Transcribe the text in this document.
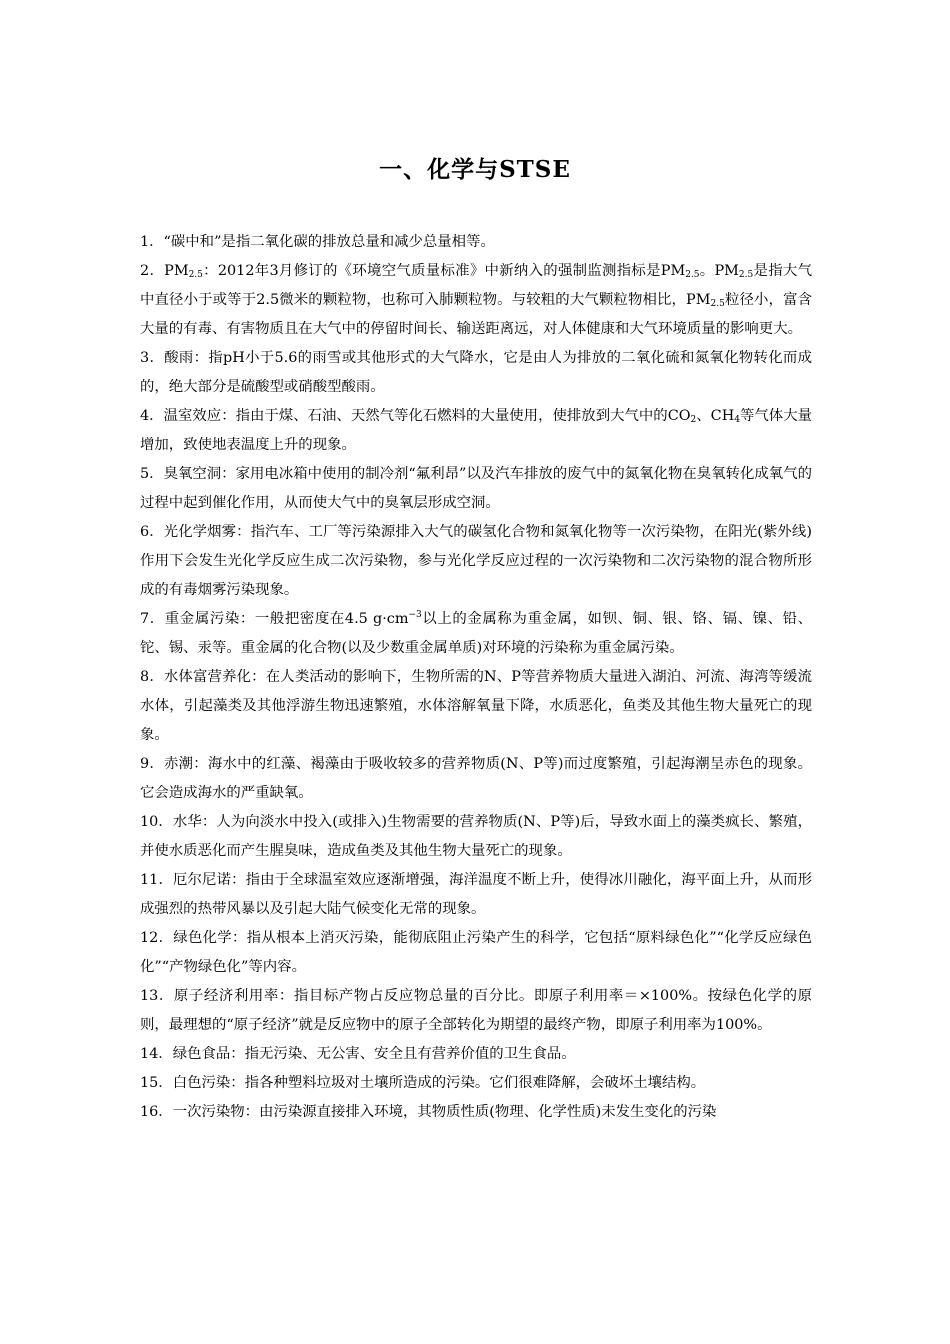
一、化学与STSE

1．“碳中和”是指二氧化碳的排放总量和减少总量相等。

2．$PM_{2.5}$：2012年3月修订的《环境空气质量标准》中新纳入的强制监测指标是$PM_{2.5}$。$PM_{2.5}$是指大气中直径小于或等于2.5微米的颗粒物，也称可入肺颗粒物。与较粗的大气颗粒物相比，$PM_{2.5}$粒径小，富含大量的有毒、有害物质且在大气中的停留时间长、输送距离远，对人体健康和大气环境质量的影响更大。

3．酸雨：指pH小于5.6的雨雪或其他形式的大气降水，它是由人为排放的二氧化硫和氮氧化物转化而成的，绝大部分是硫酸型或硝酸型酸雨。

4．温室效应：指由于煤、石油、天然气等化石燃料的大量使用，使排放到大气中的$CO_2$、$CH_4$等气体大量增加，致使地表温度上升的现象。

5．臭氧空洞：家用电冰箱中使用的制冷剂“氟利昂”以及汽车排放的废气中的氮氧化物在臭氧转化成氧气的过程中起到催化作用，从而使大气中的臭氧层形成空洞。

6．光化学烟雾：指汽车、工厂等污染源排入大气的碳氢化合物和氮氧化物等一次污染物，在阳光(紫外线)作用下会发生光化学反应生成二次污染物，参与光化学反应过程的一次污染物和二次污染物的混合物所形成的有毒烟雾污染现象。

7．重金属污染：一般把密度在4.5 $g\cdot cm^{-3}$以上的金属称为重金属，如钡、铜、银、铬、镉、镍、铅、铊、锡、汞等。重金属的化合物(以及少数重金属单质)对环境的污染称为重金属污染。

8．水体富营养化：在人类活动的影响下，生物所需的N、P等营养物质大量进入湖泊、河流、海湾等缓流水体，引起藻类及其他浮游生物迅速繁殖，水体溶解氧量下降，水质恶化，鱼类及其他生物大量死亡的现象。

9．赤潮：海水中的红藻、褐藻由于吸收较多的营养物质(N、P等)而过度繁殖，引起海潮呈赤色的现象。它会造成海水的严重缺氧。

10．水华：人为向淡水中投入(或排入)生物需要的营养物质(N、P等)后，导致水面上的藻类疯长、繁殖，并使水质恶化而产生腥臭味，造成鱼类及其他生物大量死亡的现象。

11．厄尔尼诺：指由于全球温室效应逐渐增强，海洋温度不断上升，使得冰川融化，海平面上升，从而形成强烈的热带风暴以及引起大陆气候变化无常的现象。

12．绿色化学：指从根本上消灭污染，能彻底阻止污染产生的科学，它包括“原料绿色化”“化学反应绿色化”“产物绿色化”等内容。

13．原子经济利用率：指目标产物占反应物总量的百分比。即原子利用率＝×100%。按绿色化学的原则，最理想的“原子经济”就是反应物中的原子全部转化为期望的最终产物，即原子利用率为100%。

14．绿色食品：指无污染、无公害、安全且有营养价值的卫生食品。

15．白色污染：指各种塑料垃圾对土壤所造成的污染。它们很难降解，会破坏土壤结构。

16．一次污染物：由污染源直接排入环境，其物质性质(物理、化学性质)未发生变化的污染
